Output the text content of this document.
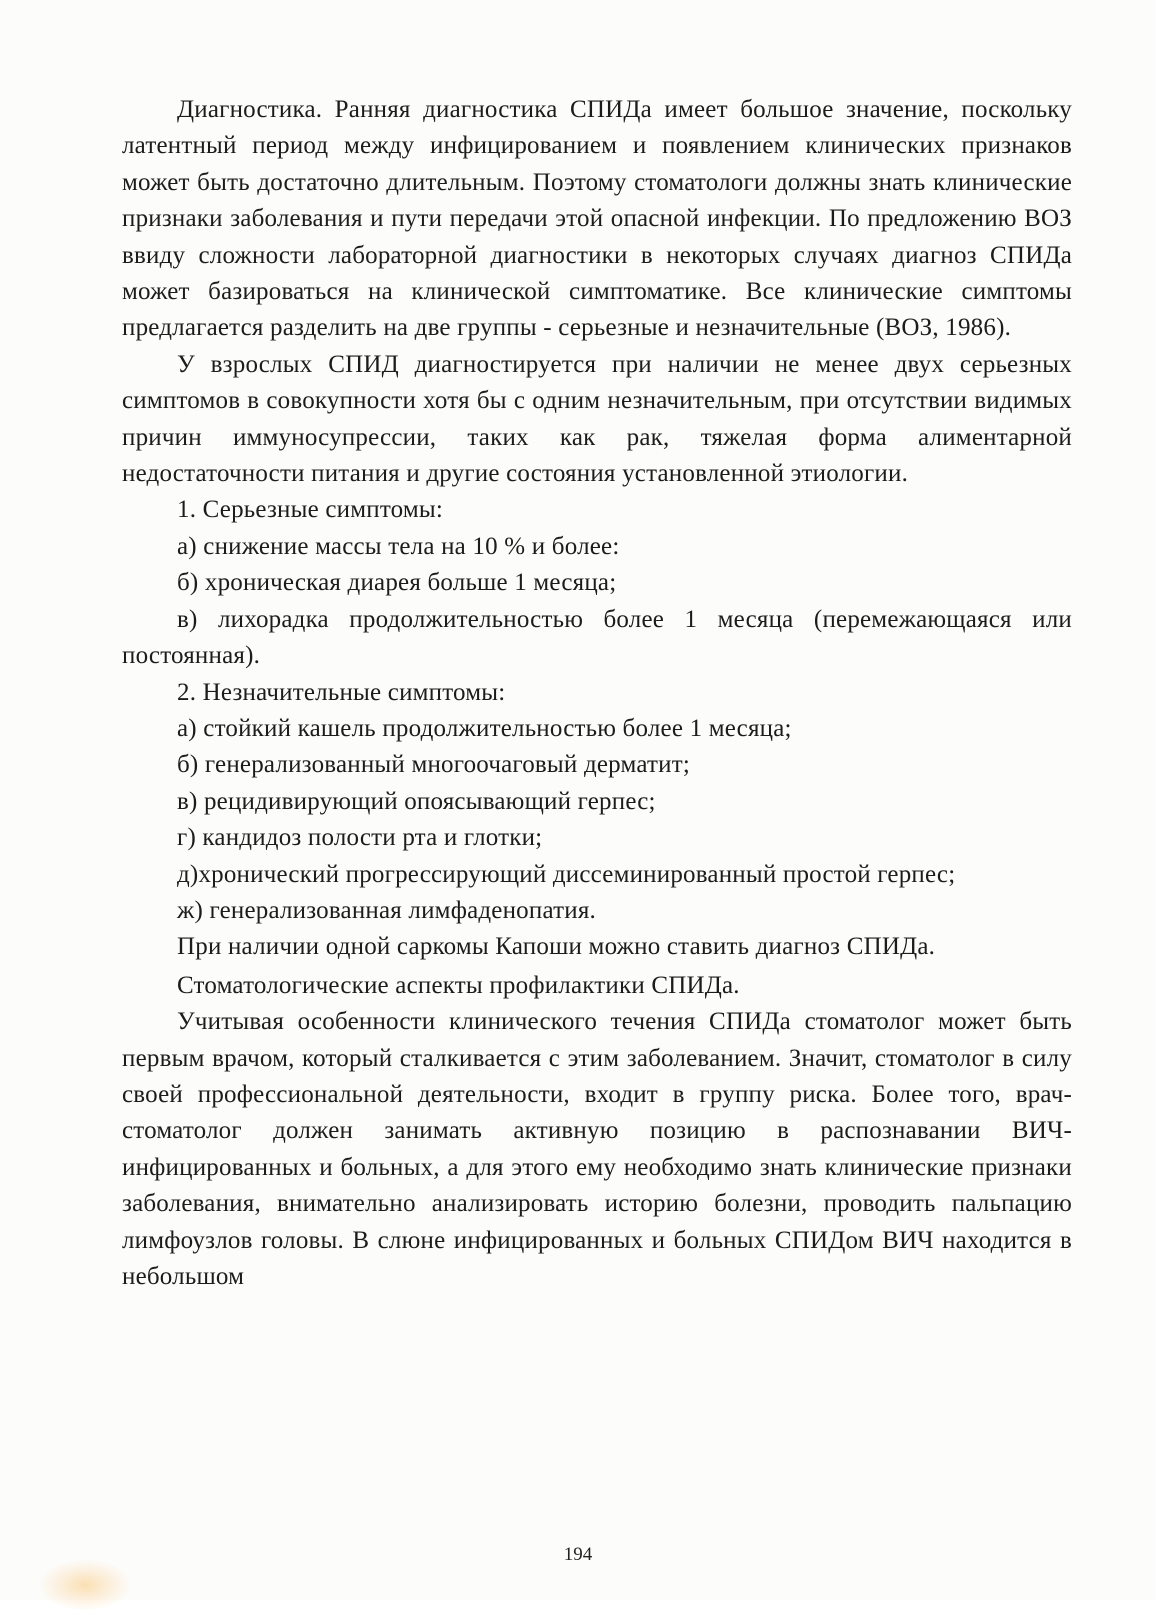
Диагностика. Ранняя диагностика СПИДа имеет большое значение, поскольку латентный период между инфицированием и появлением клинических признаков может быть достаточно длительным. Поэтому стоматологи должны знать клинические признаки заболевания и пути передачи этой опасной инфекции. По предложению ВОЗ ввиду сложности лабораторной диагностики в некоторых случаях диагноз СПИДа может базироваться на клинической симптоматике. Все клинические симптомы предлагается разделить на две группы - серьезные и незначительные (ВОЗ, 1986).

У взрослых СПИД диагностируется при наличии не менее двух серьезных симптомов в совокупности хотя бы с одним незначительным, при отсутствии видимых причин иммуносупрессии, таких как рак, тяжелая форма алиментарной недостаточности питания и другие состояния установленной этиологии.

1. Серьезные симптомы:

а) снижение массы тела на 10 % и более:

б) хроническая диарея больше 1 месяца;

в) лихорадка продолжительностью более 1 месяца (перемежающаяся или постоянная).

2. Незначительные симптомы:

а) стойкий кашель продолжительностью более 1 месяца;

б) генерализованный многоочаговый дерматит;

в) рецидивирующий опоясывающий герпес;

г) кандидоз полости рта и глотки;

д)хронический прогрессирующий диссеминированный простой герпес;

ж) генерализованная лимфаденопатия.

При наличии одной саркомы Капоши можно ставить диагноз СПИДа.

Стоматологические аспекты профилактики СПИДа.

Учитывая особенности клинического течения СПИДа стоматолог может быть первым врачом, который сталкивается с этим заболеванием. Значит, стоматолог в силу своей профессиональной деятельности, входит в группу риска. Более того, врач-стоматолог должен занимать активную позицию в распознавании ВИЧ-инфицированных и больных, а для этого ему необходимо знать клинические признаки заболевания, внимательно анализировать историю болезни, проводить пальпацию лимфоузлов головы. В слюне инфицированных и больных СПИДом ВИЧ находится в небольшом

194
